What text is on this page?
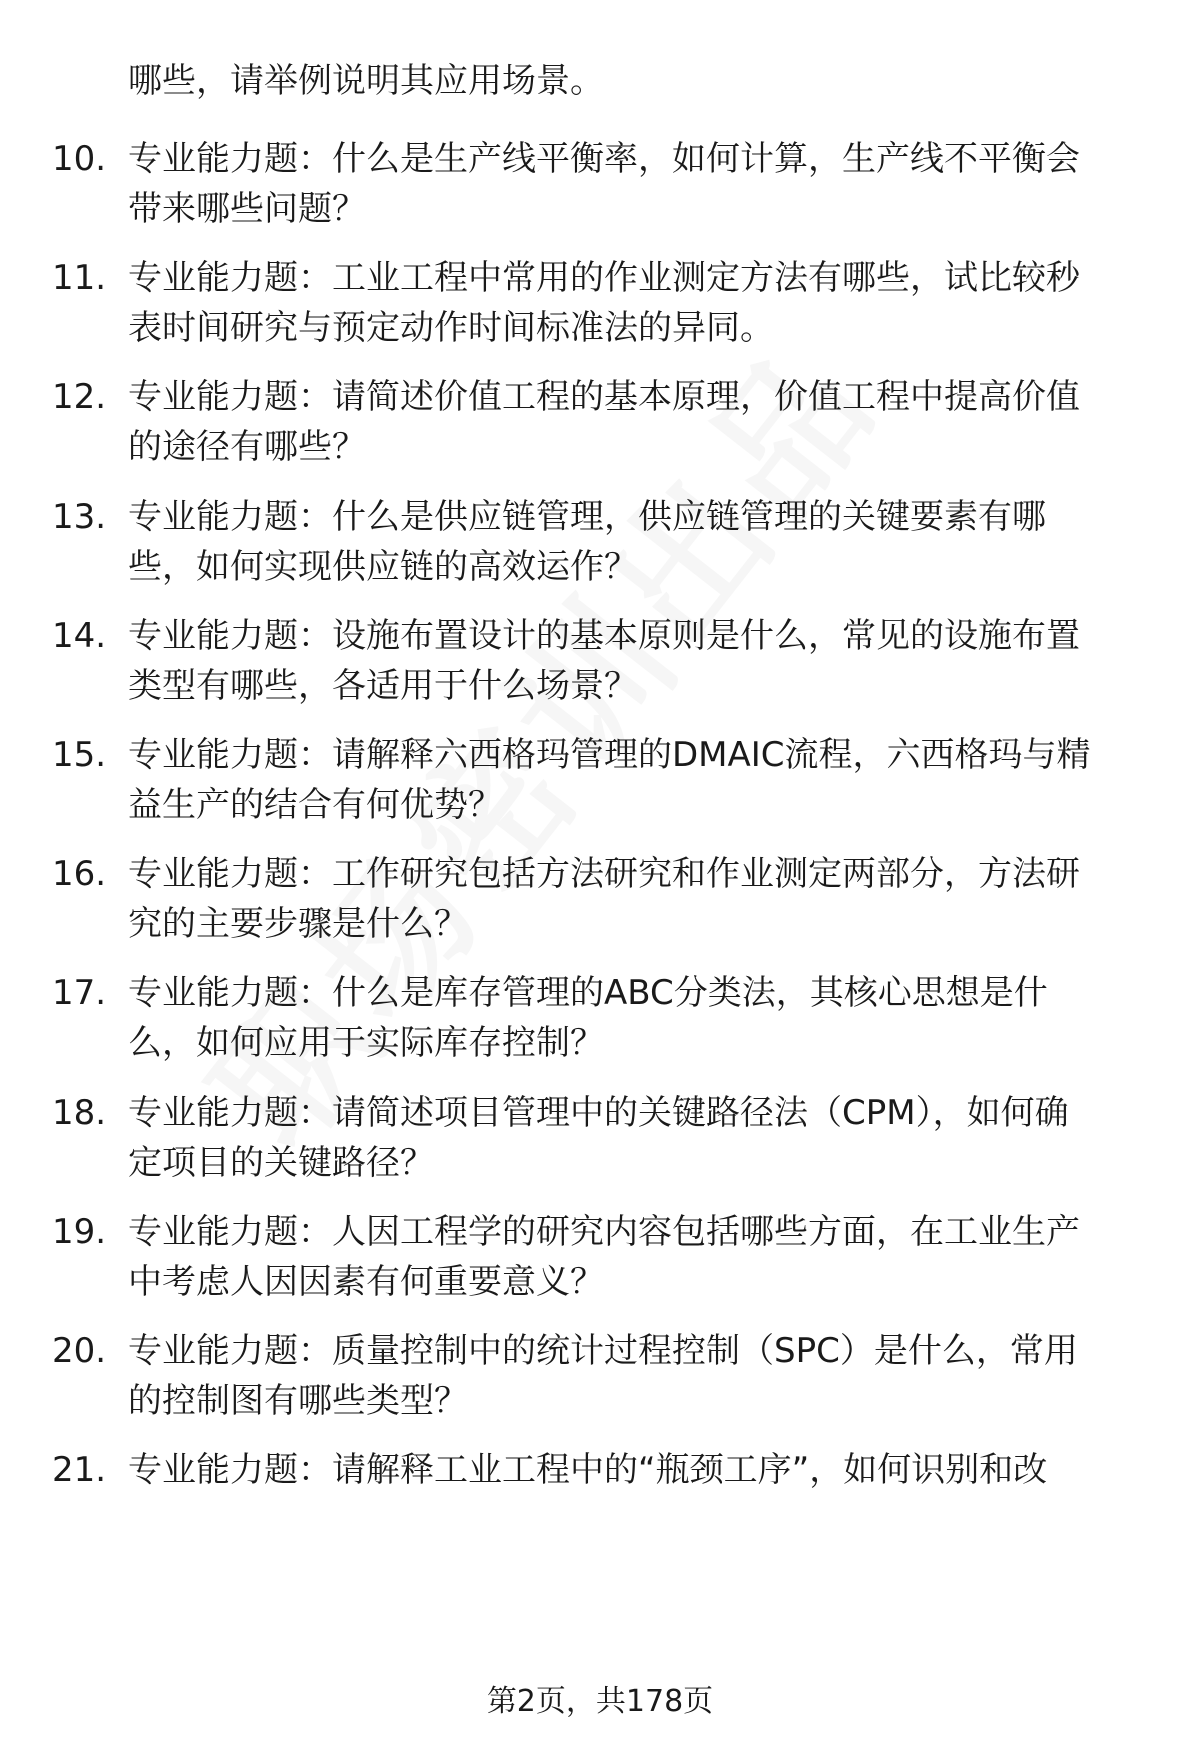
哪些，请举例说明其应用场景。
10. 专业能力题：什么是生产线平衡率，如何计算，生产线不平衡会
带来哪些问题？
11. 专业能力题：工业工程中常用的作业测定方法有哪些，试比较秒
表时间研究与预定动作时间标准法的异同。
12. 专业能力题：请简述价值工程的基本原理，价值工程中提高价值
的途径有哪些？
13. 专业能力题：什么是供应链管理，供应链管理的关键要素有哪
些，如何实现供应链的高效运作？
14. 专业能力题：设施布置设计的基本原则是什么，常见的设施布置
类型有哪些，各适用于什么场景？
15. 专业能力题：请解释六西格玛管理的DMAIC流程，六西格玛与精
益生产的结合有何优势？
16. 专业能力题：工作研究包括方法研究和作业测定两部分，方法研
究的主要步骤是什么？
17. 专业能力题：什么是库存管理的ABC分类法，其核心思想是什
么，如何应用于实际库存控制？
18. 专业能力题：请简述项目管理中的关键路径法（CPM），如何确
定项目的关键路径？
19. 专业能力题：人因工程学的研究内容包括哪些方面，在工业生产
中考虑人因因素有何重要意义？
20. 专业能力题：质量控制中的统计过程控制（SPC）是什么，常用
的控制图有哪些类型？
21. 专业能力题：请解释工业工程中的“瓶颈工序”，如何识别和改
第2页，共178页
